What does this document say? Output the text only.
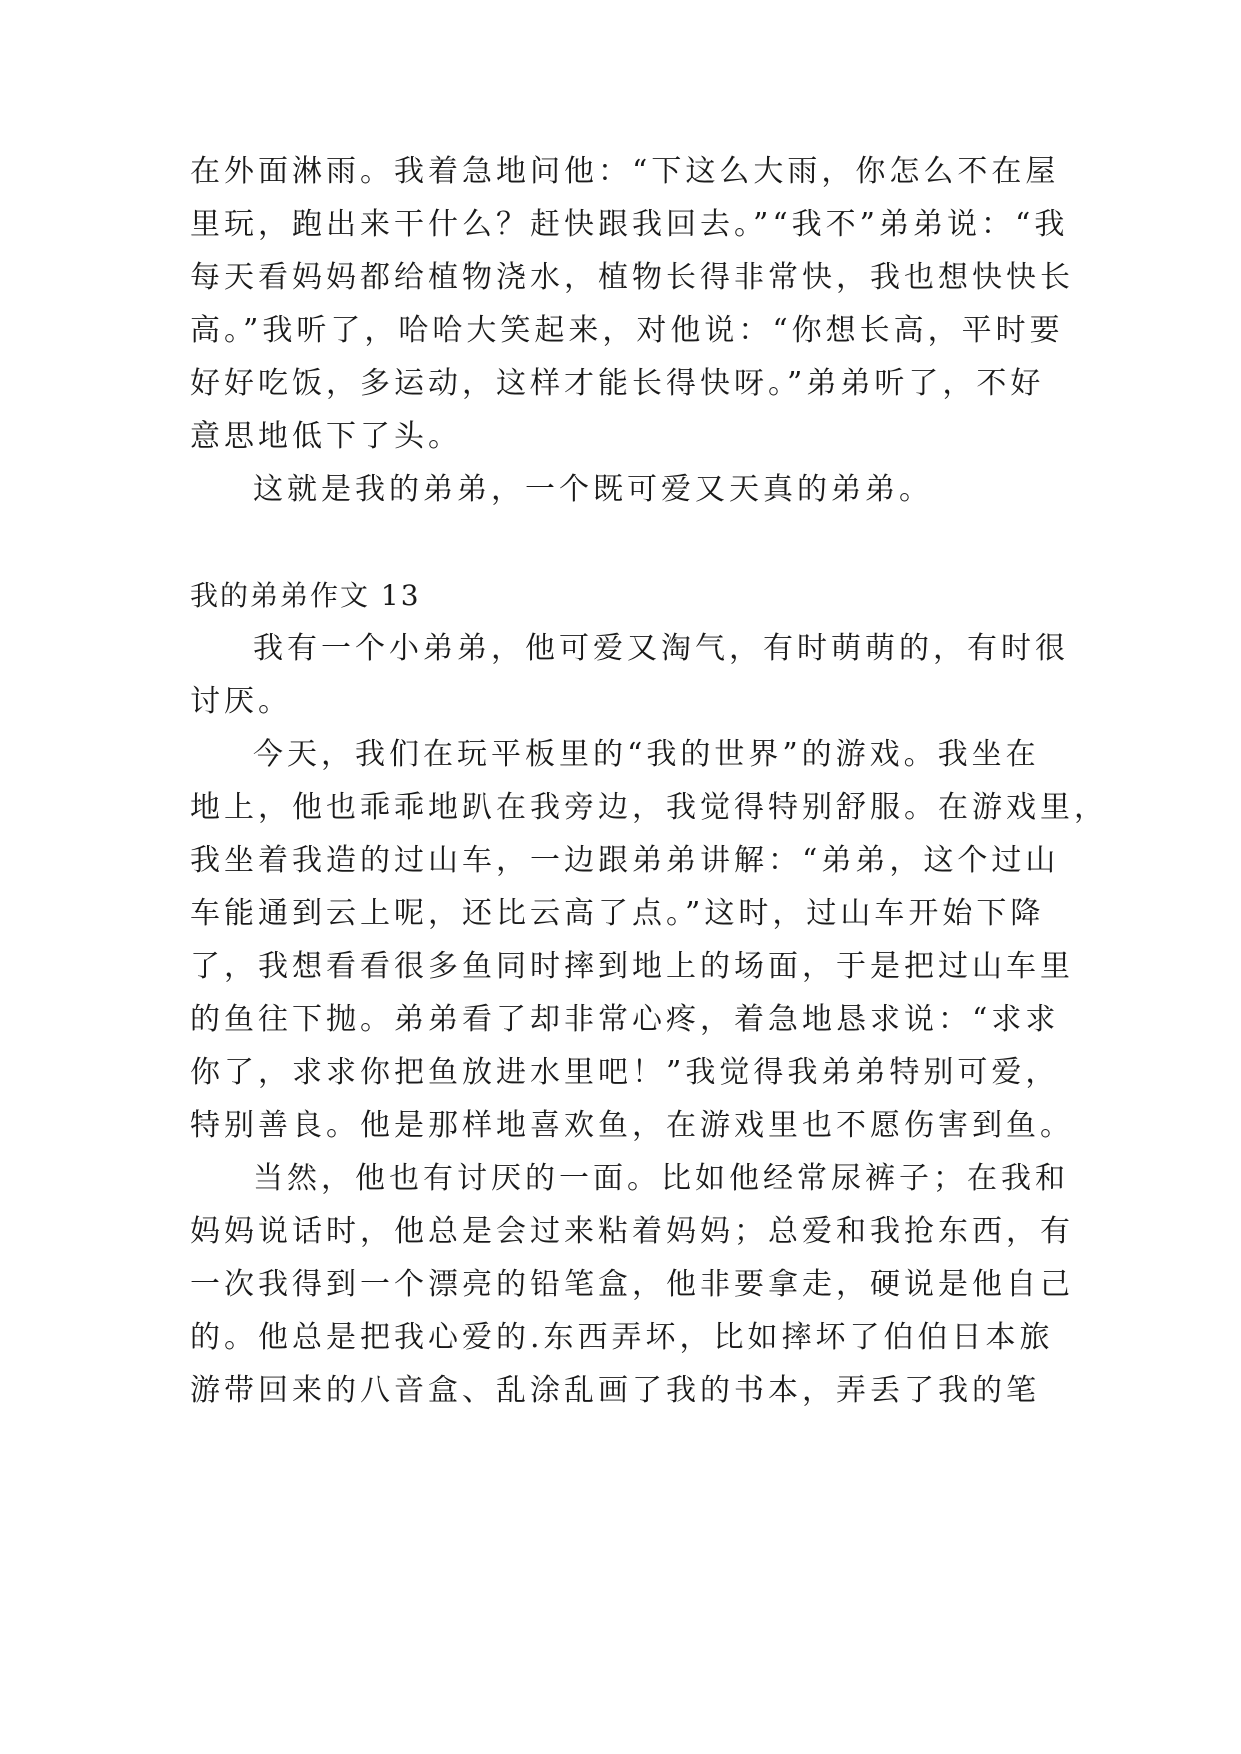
在外面淋雨。我着急地问他：“下这么大雨，你怎么不在屋
里玩，跑出来干什么？赶快跟我回去。”“我不”弟弟说：“我
每天看妈妈都给植物浇水，植物长得非常快，我也想快快长
高。”我听了，哈哈大笑起来，对他说：“你想长高，平时要
好好吃饭，多运动，这样才能长得快呀。”弟弟听了，不好
意思地低下了头。
这就是我的弟弟，一个既可爱又天真的弟弟。
我的弟弟作文 13
我有一个小弟弟，他可爱又淘气，有时萌萌的，有时很
讨厌。
今天，我们在玩平板里的“我的世界”的游戏。我坐在
地上，他也乖乖地趴在我旁边，我觉得特别舒服。在游戏里，
我坐着我造的过山车，一边跟弟弟讲解：“弟弟，这个过山
车能通到云上呢，还比云高了点。”这时，过山车开始下降
了，我想看看很多鱼同时摔到地上的场面，于是把过山车里
的鱼往下抛。弟弟看了却非常心疼，着急地恳求说：“求求
你了，求求你把鱼放进水里吧！”我觉得我弟弟特别可爱，
特别善良。他是那样地喜欢鱼，在游戏里也不愿伤害到鱼。
当然，他也有讨厌的一面。比如他经常尿裤子；在我和
妈妈说话时，他总是会过来粘着妈妈；总爱和我抢东西，有
一次我得到一个漂亮的铅笔盒，他非要拿走，硬说是他自己
的。他总是把我心爱的.东西弄坏，比如摔坏了伯伯日本旅
游带回来的八音盒、乱涂乱画了我的书本，弄丢了我的笔
